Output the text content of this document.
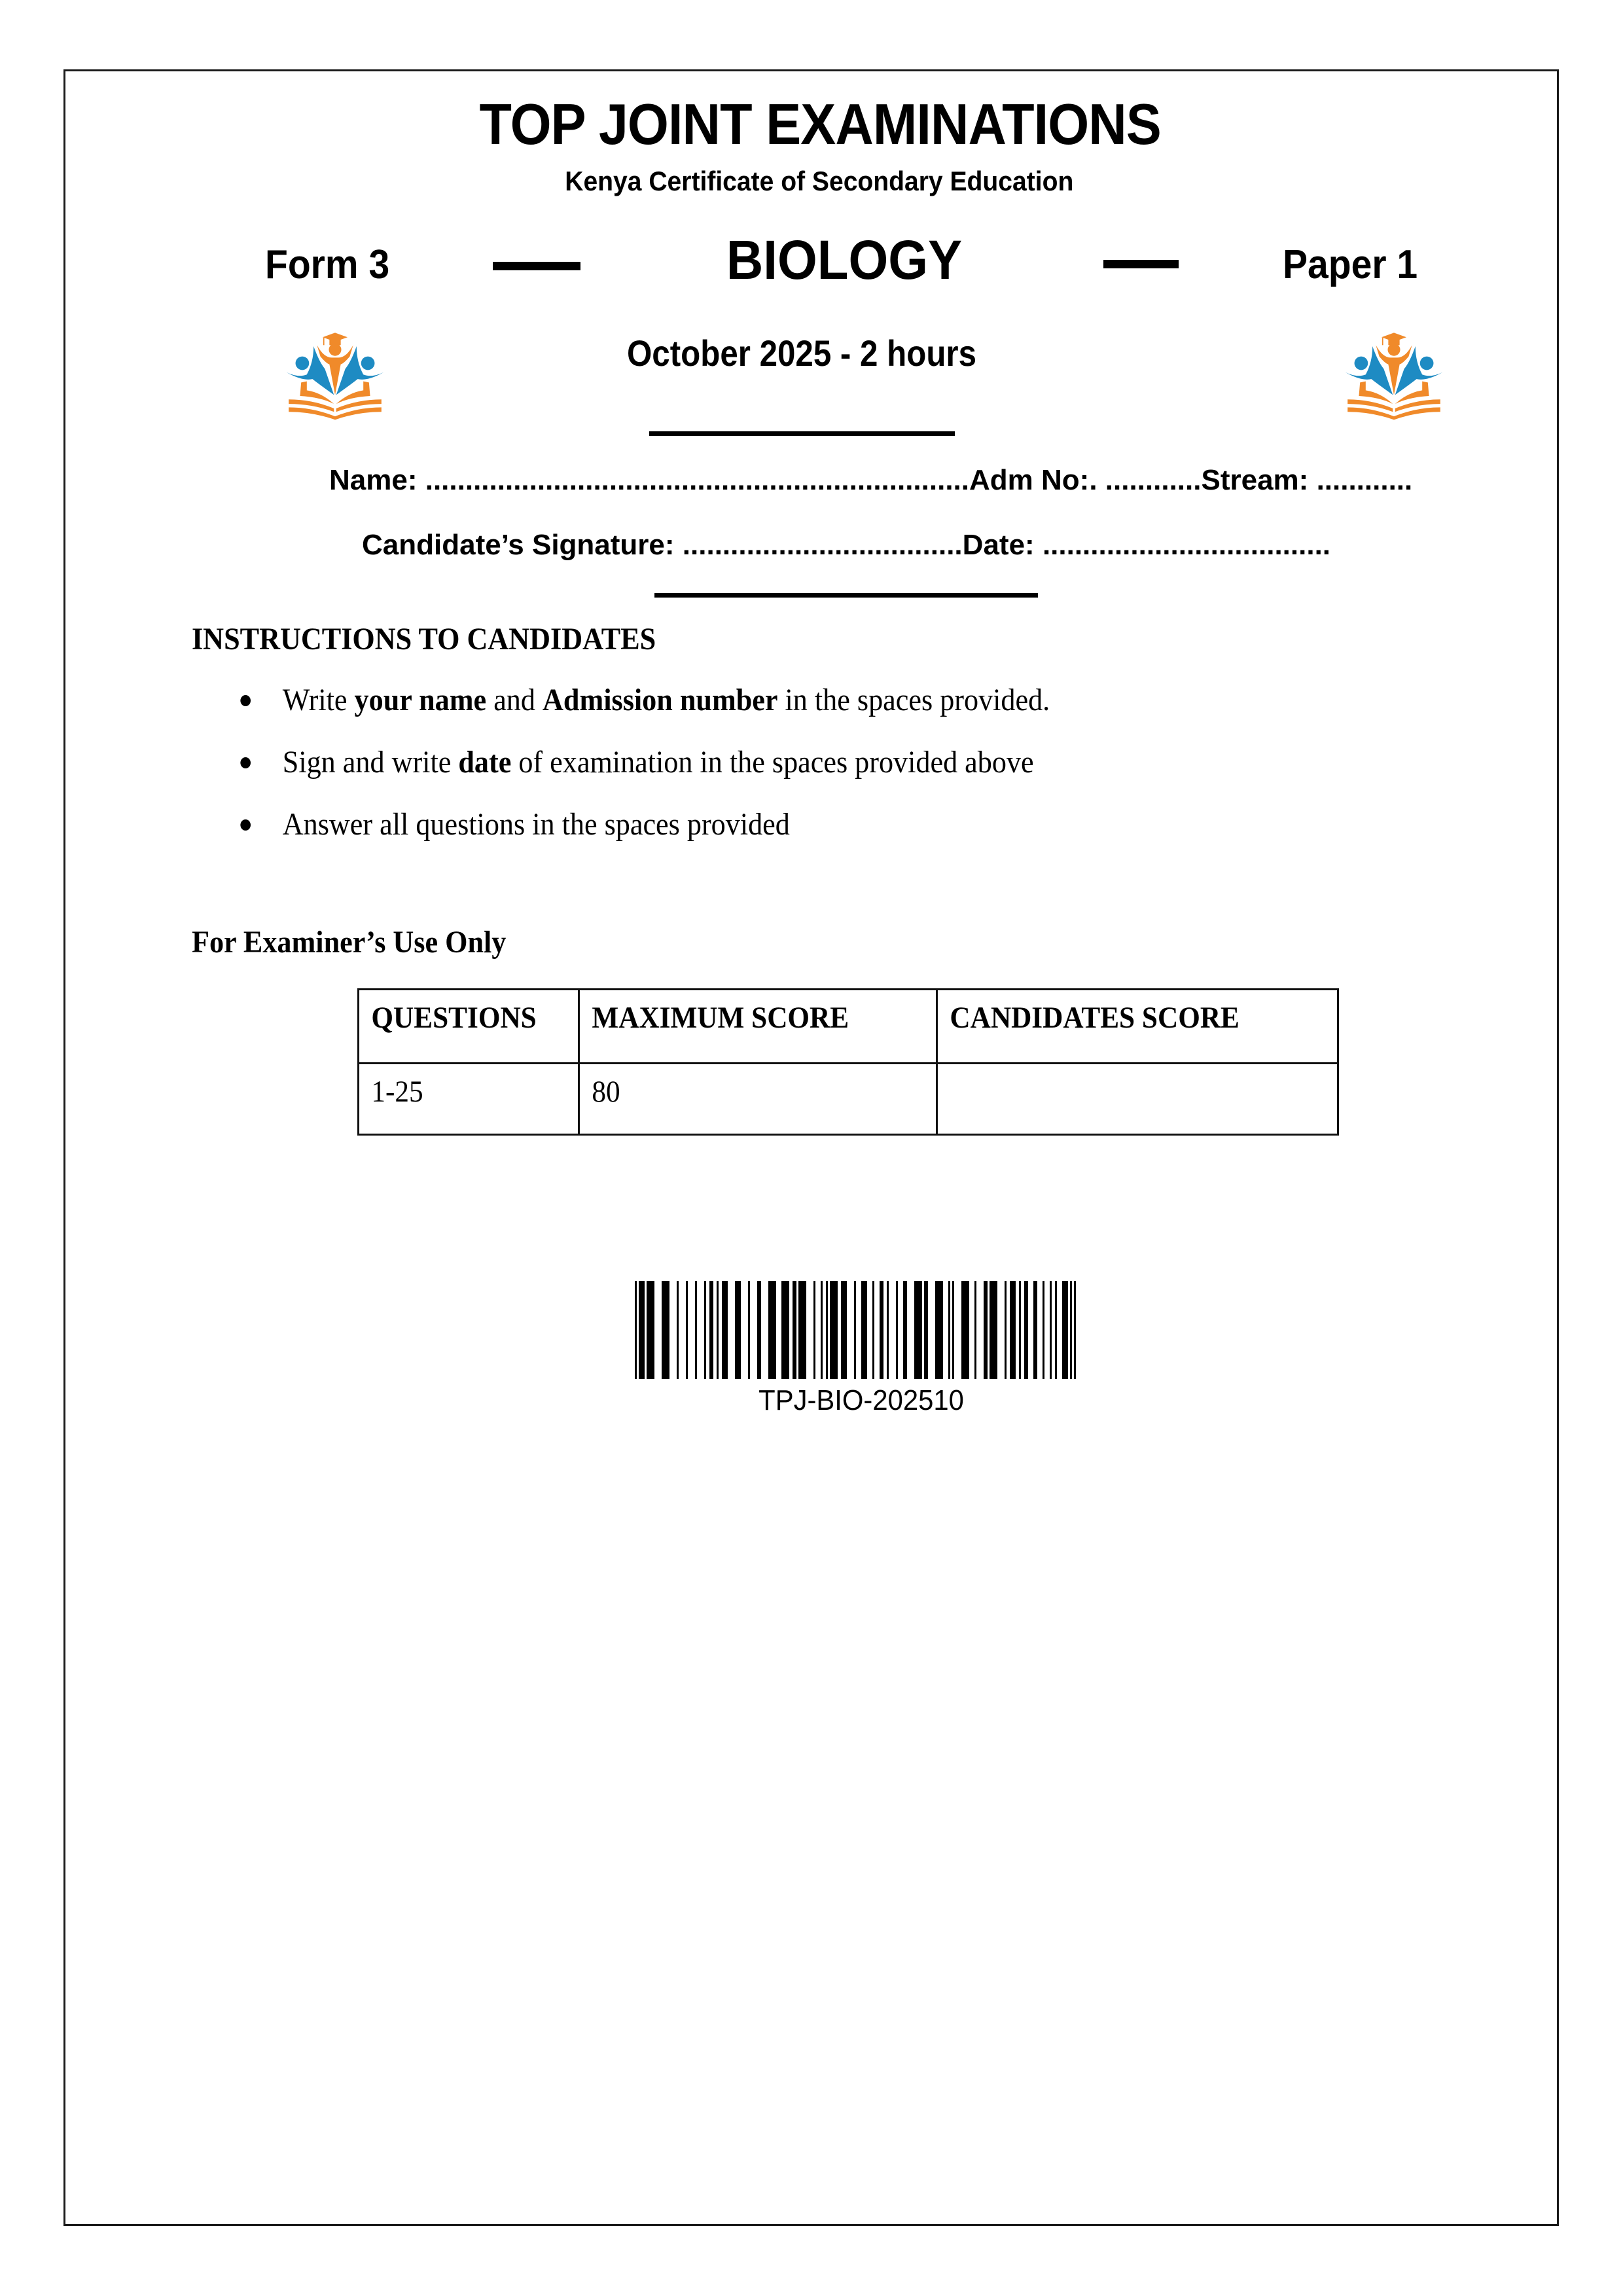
TOP JOINT EXAMINATIONS
Kenya Certificate of Secondary Education
Form 3	BIOLOGY	Paper 1
October 2025 - 2 hours
Name:
.................................................................... Adm No:.
............ Stream:
............
Candidate’s Signature:
................................... Date:
....................................
INSTRUCTIONS TO CANDIDATES
Write your name and Admission number in the spaces provided.
Sign and write date of examination in the spaces provided above
Answer all questions in the spaces provided
For Examiner’s Use Only
QUESTIONS	MAXIMUM SCORE	CANDIDATES SCORE

1-25	80	

TPJ-BIO-202510
